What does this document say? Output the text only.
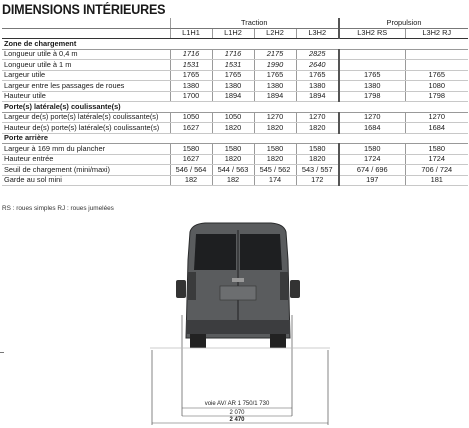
DIMENSIONS INTÉRIEURES
	Traction				Propulsion	
	L1H1	L1H2	L2H2	L3H2	L3H2 RS	L3H2 RJ
Zone de chargement						
Longueur utile à 0,4 m	1716	1716	2175	2825		
Longueur utile à 1 m	1531	1531	1990	2640		
Largeur utile	1765	1765	1765	1765	1765	1765
Largeur entre les passages de roues	1380	1380	1380	1380	1380	1080
Hauteur utile	1700	1894	1894	1894	1798	1798
Porte(s) latérale(s) coulissante(s)						
Largeur de(s) porte(s) latérale(s) coulissante(s)	1050	1050	1270	1270	1270	1270
Hauteur de(s) porte(s) latérale(s) coulissante(s)	1627	1820	1820	1820	1684	1684
Porte arrière						
Largeur à 169 mm du plancher	1580	1580	1580	1580	1580	1580
Hauteur entrée	1627	1820	1820	1820	1724	1724
Seuil de chargement (mini/maxi)	546 / 564	544 / 563	545 / 562	543 / 557	674 / 696	706 / 724
Garde au sol mini	182	182	174	172	197	181
RS : roues simples RJ : roues jumelées
voie AV/ AR 1 750/1 730
2 070
2 470
